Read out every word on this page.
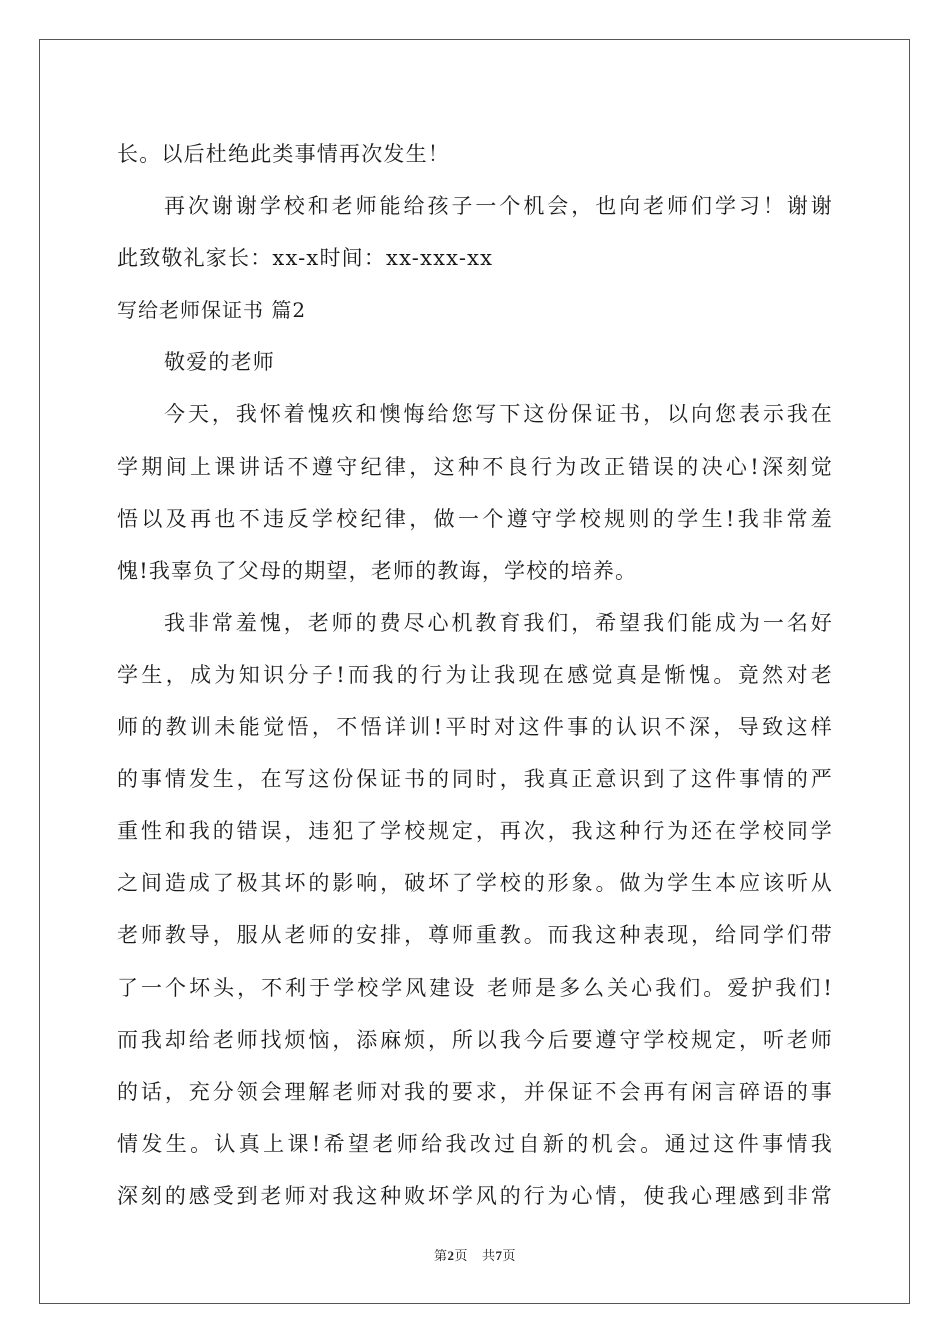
长。以后杜绝此类事情再次发生！
再次谢谢学校和老师能给孩子一个机会，也向老师们学习！谢谢
此致敬礼家长：xx-x时间：xx-xxx-xx
写给老师保证书 篇2
敬爱的老师
今天，我怀着愧疚和懊悔给您写下这份保证书，以向您表示我在
学期间上课讲话不遵守纪律，这种不良行为改正错误的决心!深刻觉
悟以及再也不违反学校纪律，做一个遵守学校规则的学生!我非常羞
愧!我辜负了父母的期望，老师的教诲，学校的培养。
我非常羞愧，老师的费尽心机教育我们，希望我们能成为一名好
学生，成为知识分子!而我的行为让我现在感觉真是惭愧。竟然对老
师的教训未能觉悟，不悟详训!平时对这件事的认识不深，导致这样
的事情发生，在写这份保证书的同时，我真正意识到了这件事情的严
重性和我的错误，违犯了学校规定，再次，我这种行为还在学校同学
之间造成了极其坏的影响，破坏了学校的形象。做为学生本应该听从
老师教导，服从老师的安排，尊师重教。而我这种表现，给同学们带
了一个坏头，不利于学校学风建设 老师是多么关心我们。爱护我们!
而我却给老师找烦恼，添麻烦，所以我今后要遵守学校规定，听老师
的话，充分领会理解老师对我的要求，并保证不会再有闲言碎语的事
情发生。认真上课!希望老师给我改过自新的机会。通过这件事情我
深刻的感受到老师对我这种败坏学风的行为心情，使我心理感到非常
第2页 共7页
